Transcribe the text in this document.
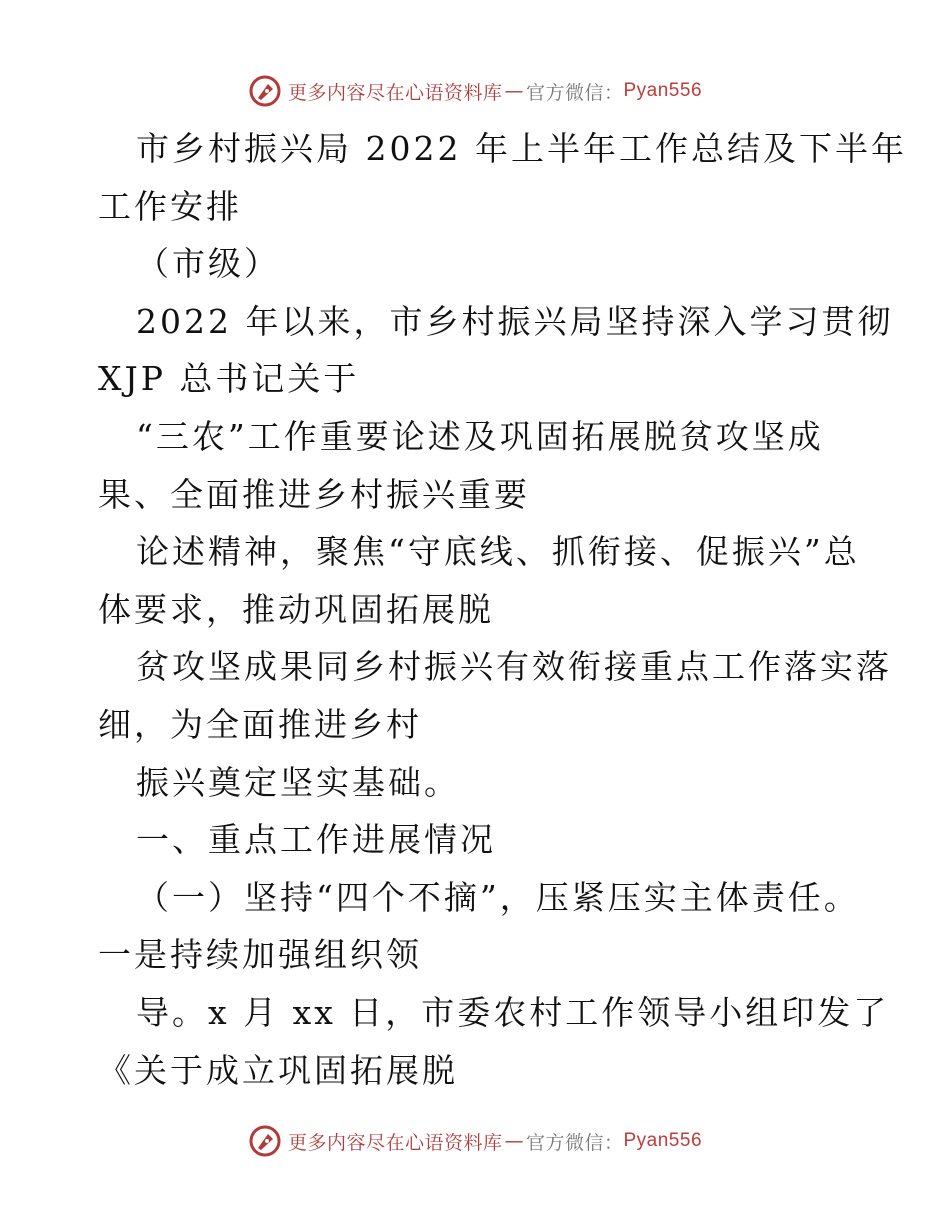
更多内容尽在心语资料库 — 官方微信： Pyan556
市乡村振兴局 2022 年上半年工作总结及下半年
工作安排
（市级）
2022 年以来，市乡村振兴局坚持深入学习贯彻
XJP 总书记关于
“三农”工作重要论述及巩固拓展脱贫攻坚成
果、全面推进乡村振兴重要
论述精神，聚焦“守底线、抓衔接、促振兴”总
体要求，推动巩固拓展脱
贫攻坚成果同乡村振兴有效衔接重点工作落实落
细，为全面推进乡村
振兴奠定坚实基础。
一、重点工作进展情况
（一）坚持“四个不摘”，压紧压实主体责任。
一是持续加强组织领
导。x 月 xx 日，市委农村工作领导小组印发了
《关于成立巩固拓展脱
更多内容尽在心语资料库 — 官方微信： Pyan556
